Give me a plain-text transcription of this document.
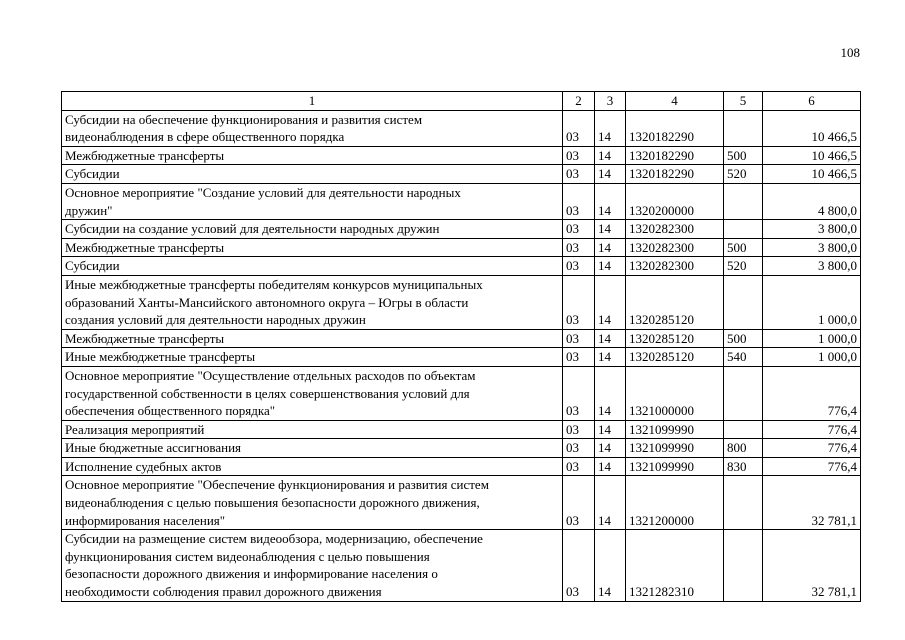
108
1	2	3	4	5	6

Субсидии на обеспечение функционирования и развития систем
видеонаблюдения в сфере общественного порядка	03	14	1320182290		10 466,5

Межбюджетные трансферты	03	14	1320182290	500	10 466,5

Субсидии	03	14	1320182290	520	10 466,5

Основное мероприятие "Создание условий для деятельности народных
дружин"	03	14	1320200000		4 800,0

Субсидии на создание условий для деятельности народных дружин	03	14	1320282300		3 800,0

Межбюджетные трансферты	03	14	1320282300	500	3 800,0

Субсидии	03	14	1320282300	520	3 800,0

Иные межбюджетные трансферты победителям конкурсов муниципальных
образований Ханты-Мансийского автономного округа – Югры в области
создания условий для деятельности народных дружин	03	14	1320285120		1 000,0

Межбюджетные трансферты	03	14	1320285120	500	1 000,0

Иные межбюджетные трансферты	03	14	1320285120	540	1 000,0

Основное мероприятие "Осуществление отдельных расходов по объектам
государственной собственности в целях совершенствования условий для
обеспечения общественного порядка"	03	14	1321000000		776,4

Реализация мероприятий	03	14	1321099990		776,4

Иные бюджетные ассигнования	03	14	1321099990	800	776,4

Исполнение судебных актов	03	14	1321099990	830	776,4

Основное мероприятие "Обеспечение функционирования и развития систем
видеонаблюдения с целью повышения безопасности дорожного движения,
информирования населения"	03	14	1321200000		32 781,1

Субсидии на размещение систем видеообзора, модернизацию, обеспечение
функционирования систем видеонаблюдения с целью повышения
безопасности дорожного движения и информирование населения о
необходимости соблюдения правил дорожного движения	03	14	1321282310		32 781,1
